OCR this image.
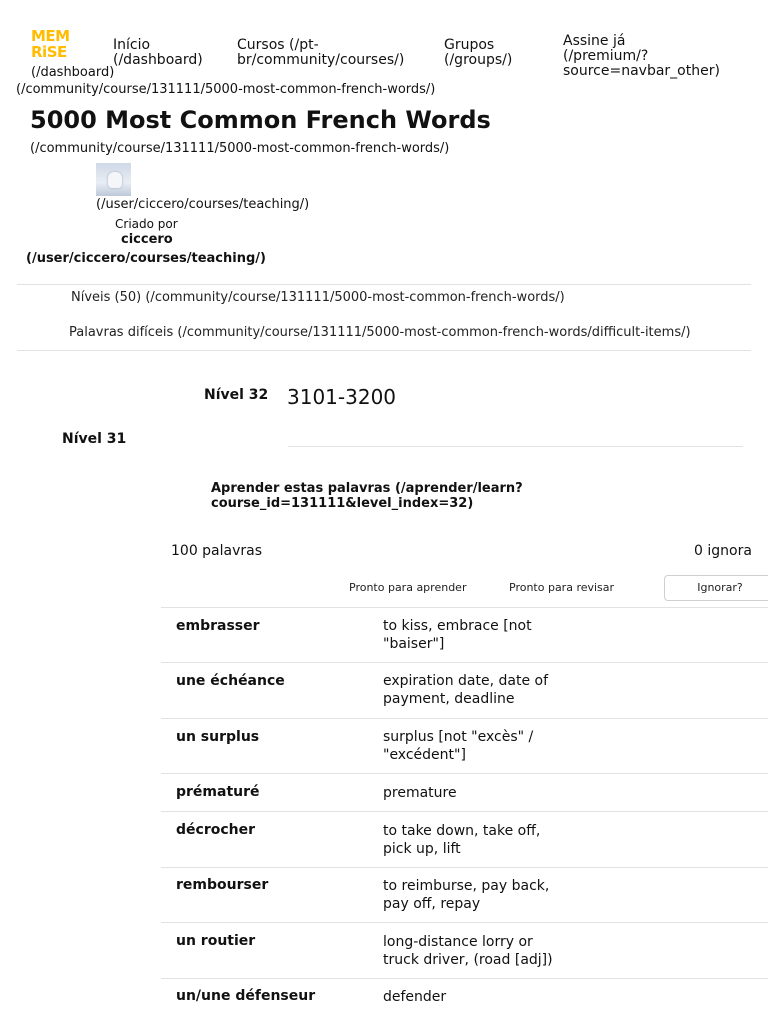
MEM
RiSE
(/dashboard)
(/community/course/131111/5000-most-common-french-words/)
Início
(/dashboard)
Cursos (/pt-
br/community/courses/)
Grupos
(/groups/)
Assine já
(/premium/?
source=navbar_other)
5000 Most Common French Words
(/community/course/131111/5000-most-common-french-words/)
(/user/ciccero/courses/teaching/)
Criado por
ciccero
(/user/ciccero/courses/teaching/)
Níveis (50) (/community/course/131111/5000-most-common-french-words/)
Palavras difíceis (/community/course/131111/5000-most-common-french-words/difficult-items/)
Nível 32 3101-3200
Nível 31
Aprender estas palavras (/aprender/learn?course_id=131111&level_index=32)
100 palavras	0 ignora
Pronto para aprender	Pronto para revisar	Ignorar?
embrasser	to kiss, embrace [not
"baiser"]
une échéance	expiration date, date of
payment, deadline
un surplus	surplus [not "excès" /
"excédent"]
prématuré	premature
décrocher	to take down, take off,
pick up, lift
rembourser	to reimburse, pay back,
pay off, repay
un routier	long-distance lorry or
truck driver, (road [adj])
un/une défenseur	defender
